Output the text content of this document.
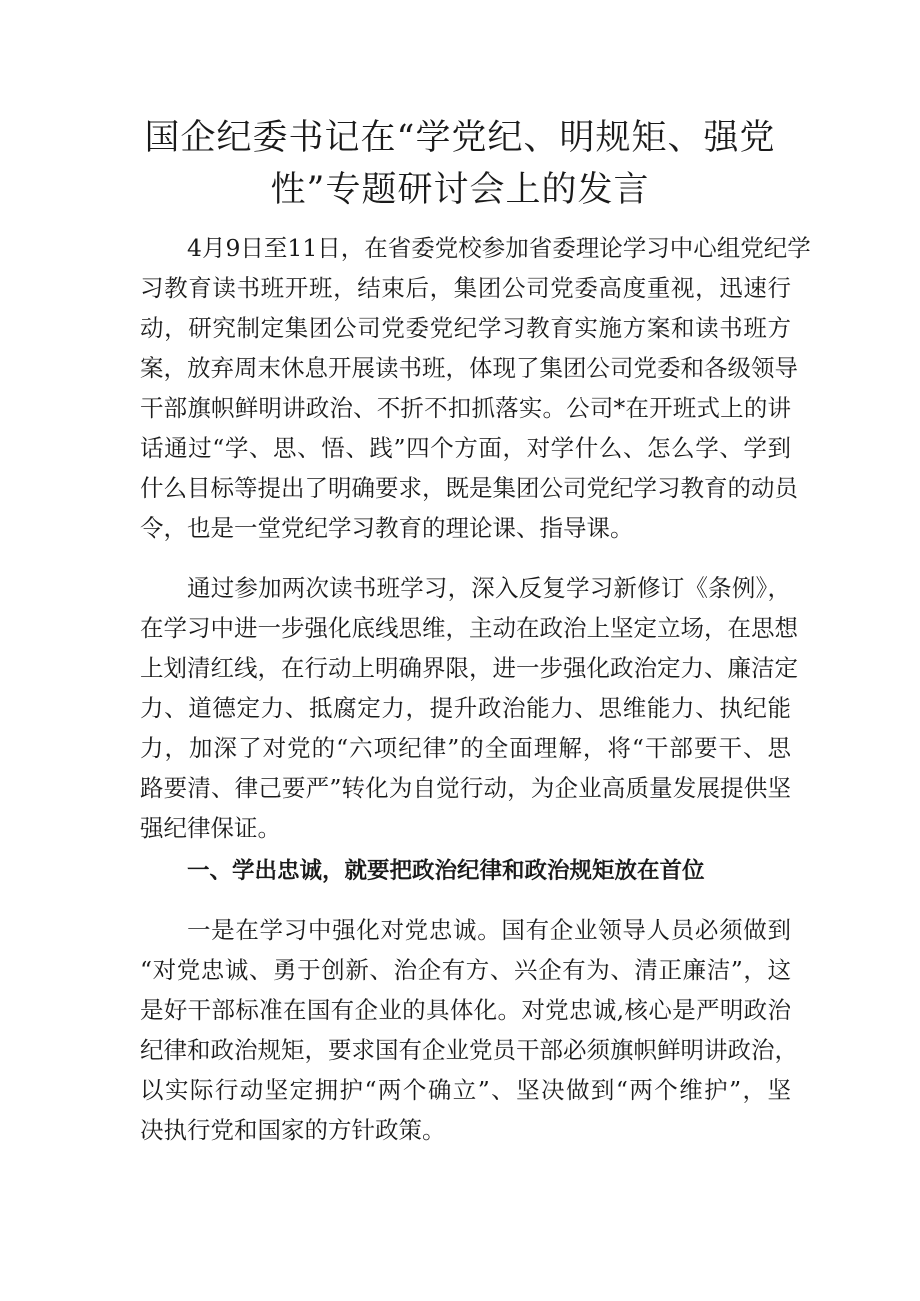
国企纪委书记在“学党纪、明规矩、强党
性”专题研讨会上的发言
4月9日至11日，在省委党校参加省委理论学习中心组党纪学
习教育读书班开班，结束后，集团公司党委高度重视，迅速行
动，研究制定集团公司党委党纪学习教育实施方案和读书班方
案，放弃周末休息开展读书班，体现了集团公司党委和各级领导
干部旗帜鲜明讲政治、不折不扣抓落实。公司*在开班式上的讲
话通过“学、思、悟、践”四个方面，对学什么、怎么学、学到
什么目标等提出了明确要求，既是集团公司党纪学习教育的动员
令，也是一堂党纪学习教育的理论课、指导课。
通过参加两次读书班学习，深入反复学习新修订《条例》，
在学习中进一步强化底线思维，主动在政治上坚定立场，在思想
上划清红线，在行动上明确界限，进一步强化政治定力、廉洁定
力、道德定力、抵腐定力，提升政治能力、思维能力、执纪能
力，加深了对党的“六项纪律”的全面理解，将“干部要干、思
路要清、律己要严”转化为自觉行动，为企业高质量发展提供坚
强纪律保证。
一、学出忠诚，就要把政治纪律和政治规矩放在首位
一是在学习中强化对党忠诚。国有企业领导人员必须做到
“对党忠诚、勇于创新、治企有方、兴企有为、清正廉洁”，这
是好干部标准在国有企业的具体化。对党忠诚,核心是严明政治
纪律和政治规矩，要求国有企业党员干部必须旗帜鲜明讲政治，
以实际行动坚定拥护“两个确立”、坚决做到“两个维护”，坚
决执行党和国家的方针政策。
